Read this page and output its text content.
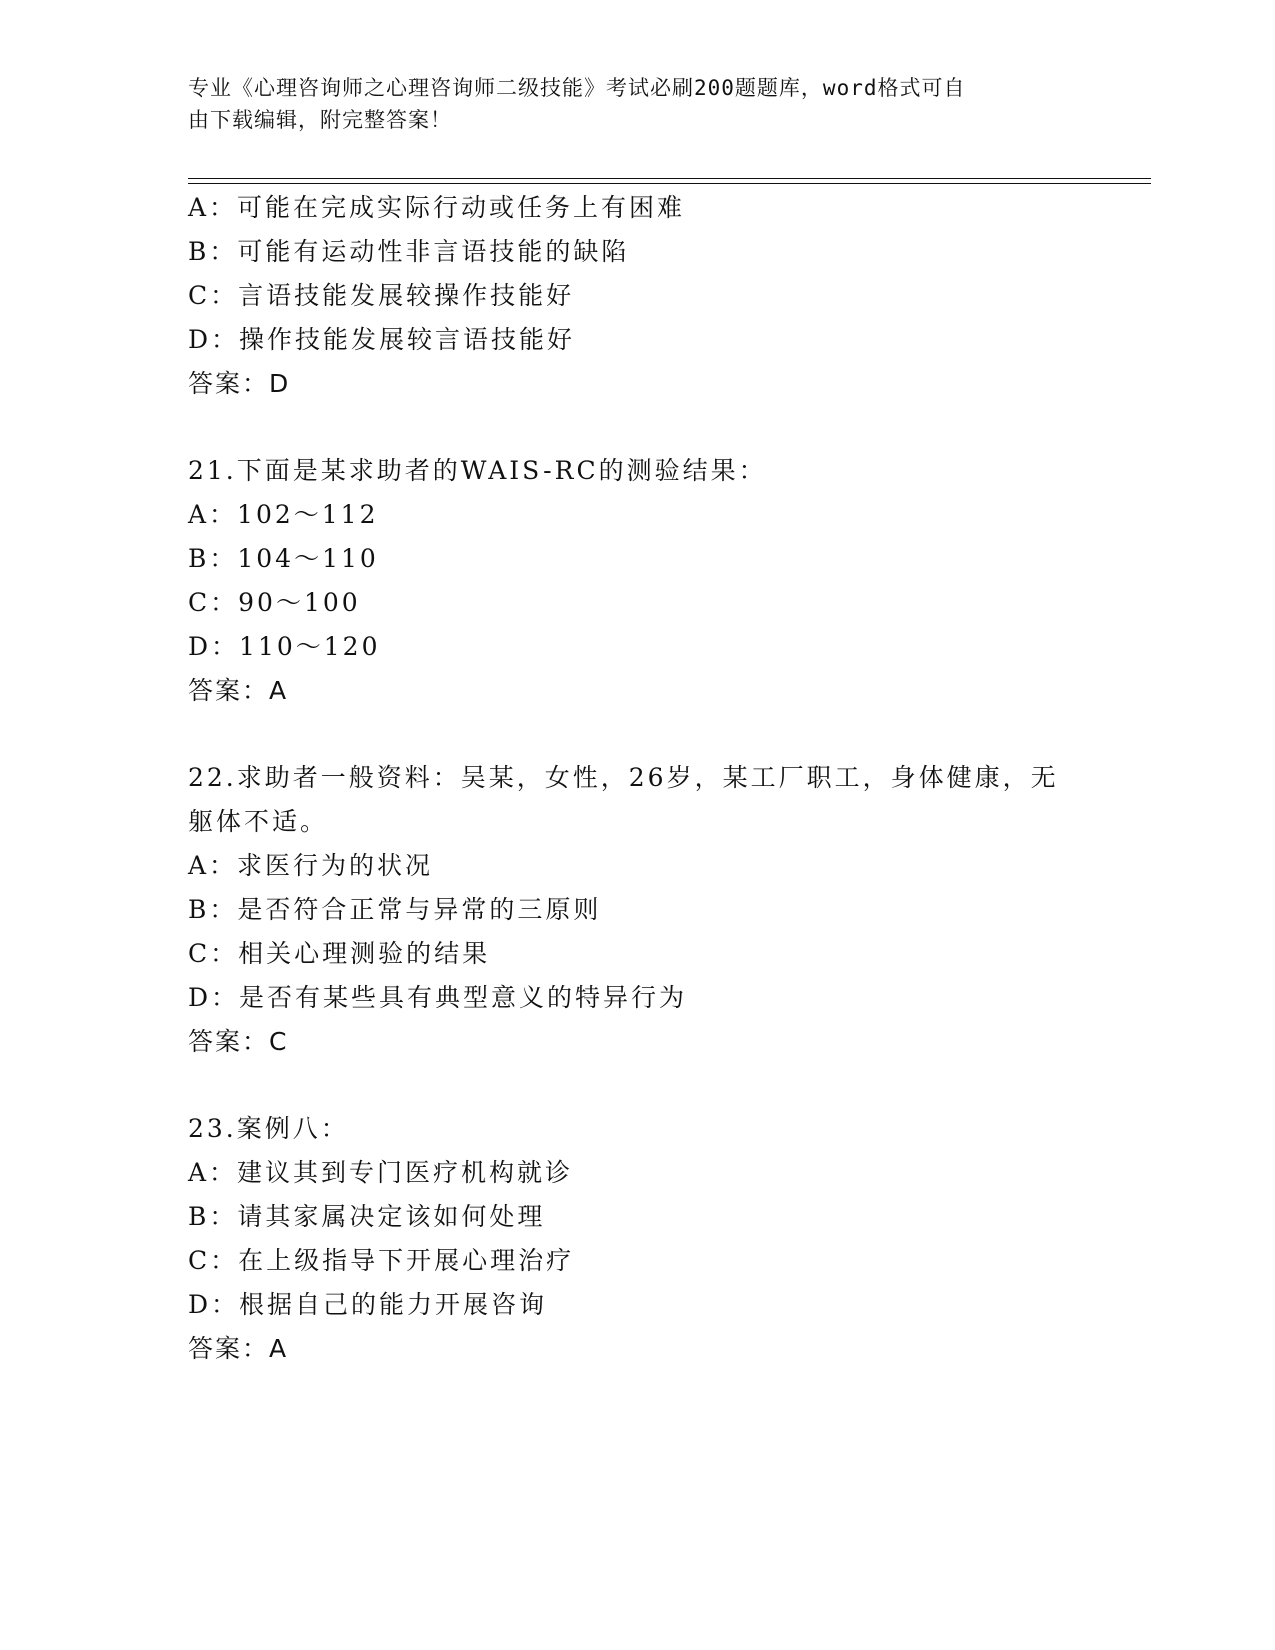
专业《心理咨询师之心理咨询师二级技能》考试必刷200题题库，word格式可自
由下载编辑，附完整答案！
A：可能在完成实际行动或任务上有困难
B：可能有运动性非言语技能的缺陷
C：言语技能发展较操作技能好
D：操作技能发展较言语技能好
答案：D
21.下面是某求助者的WAIS-RC的测验结果：
A：102～112
B：104～110
C：90～100
D：110～120
答案：A
22.求助者一般资料：吴某，女性，26岁，某工厂职工，身体健康，无
躯体不适。
A：求医行为的状况
B：是否符合正常与异常的三原则
C：相关心理测验的结果
D：是否有某些具有典型意义的特异行为
答案：C
23.案例八：
A：建议其到专门医疗机构就诊
B：请其家属决定该如何处理
C：在上级指导下开展心理治疗
D：根据自己的能力开展咨询
答案：A
